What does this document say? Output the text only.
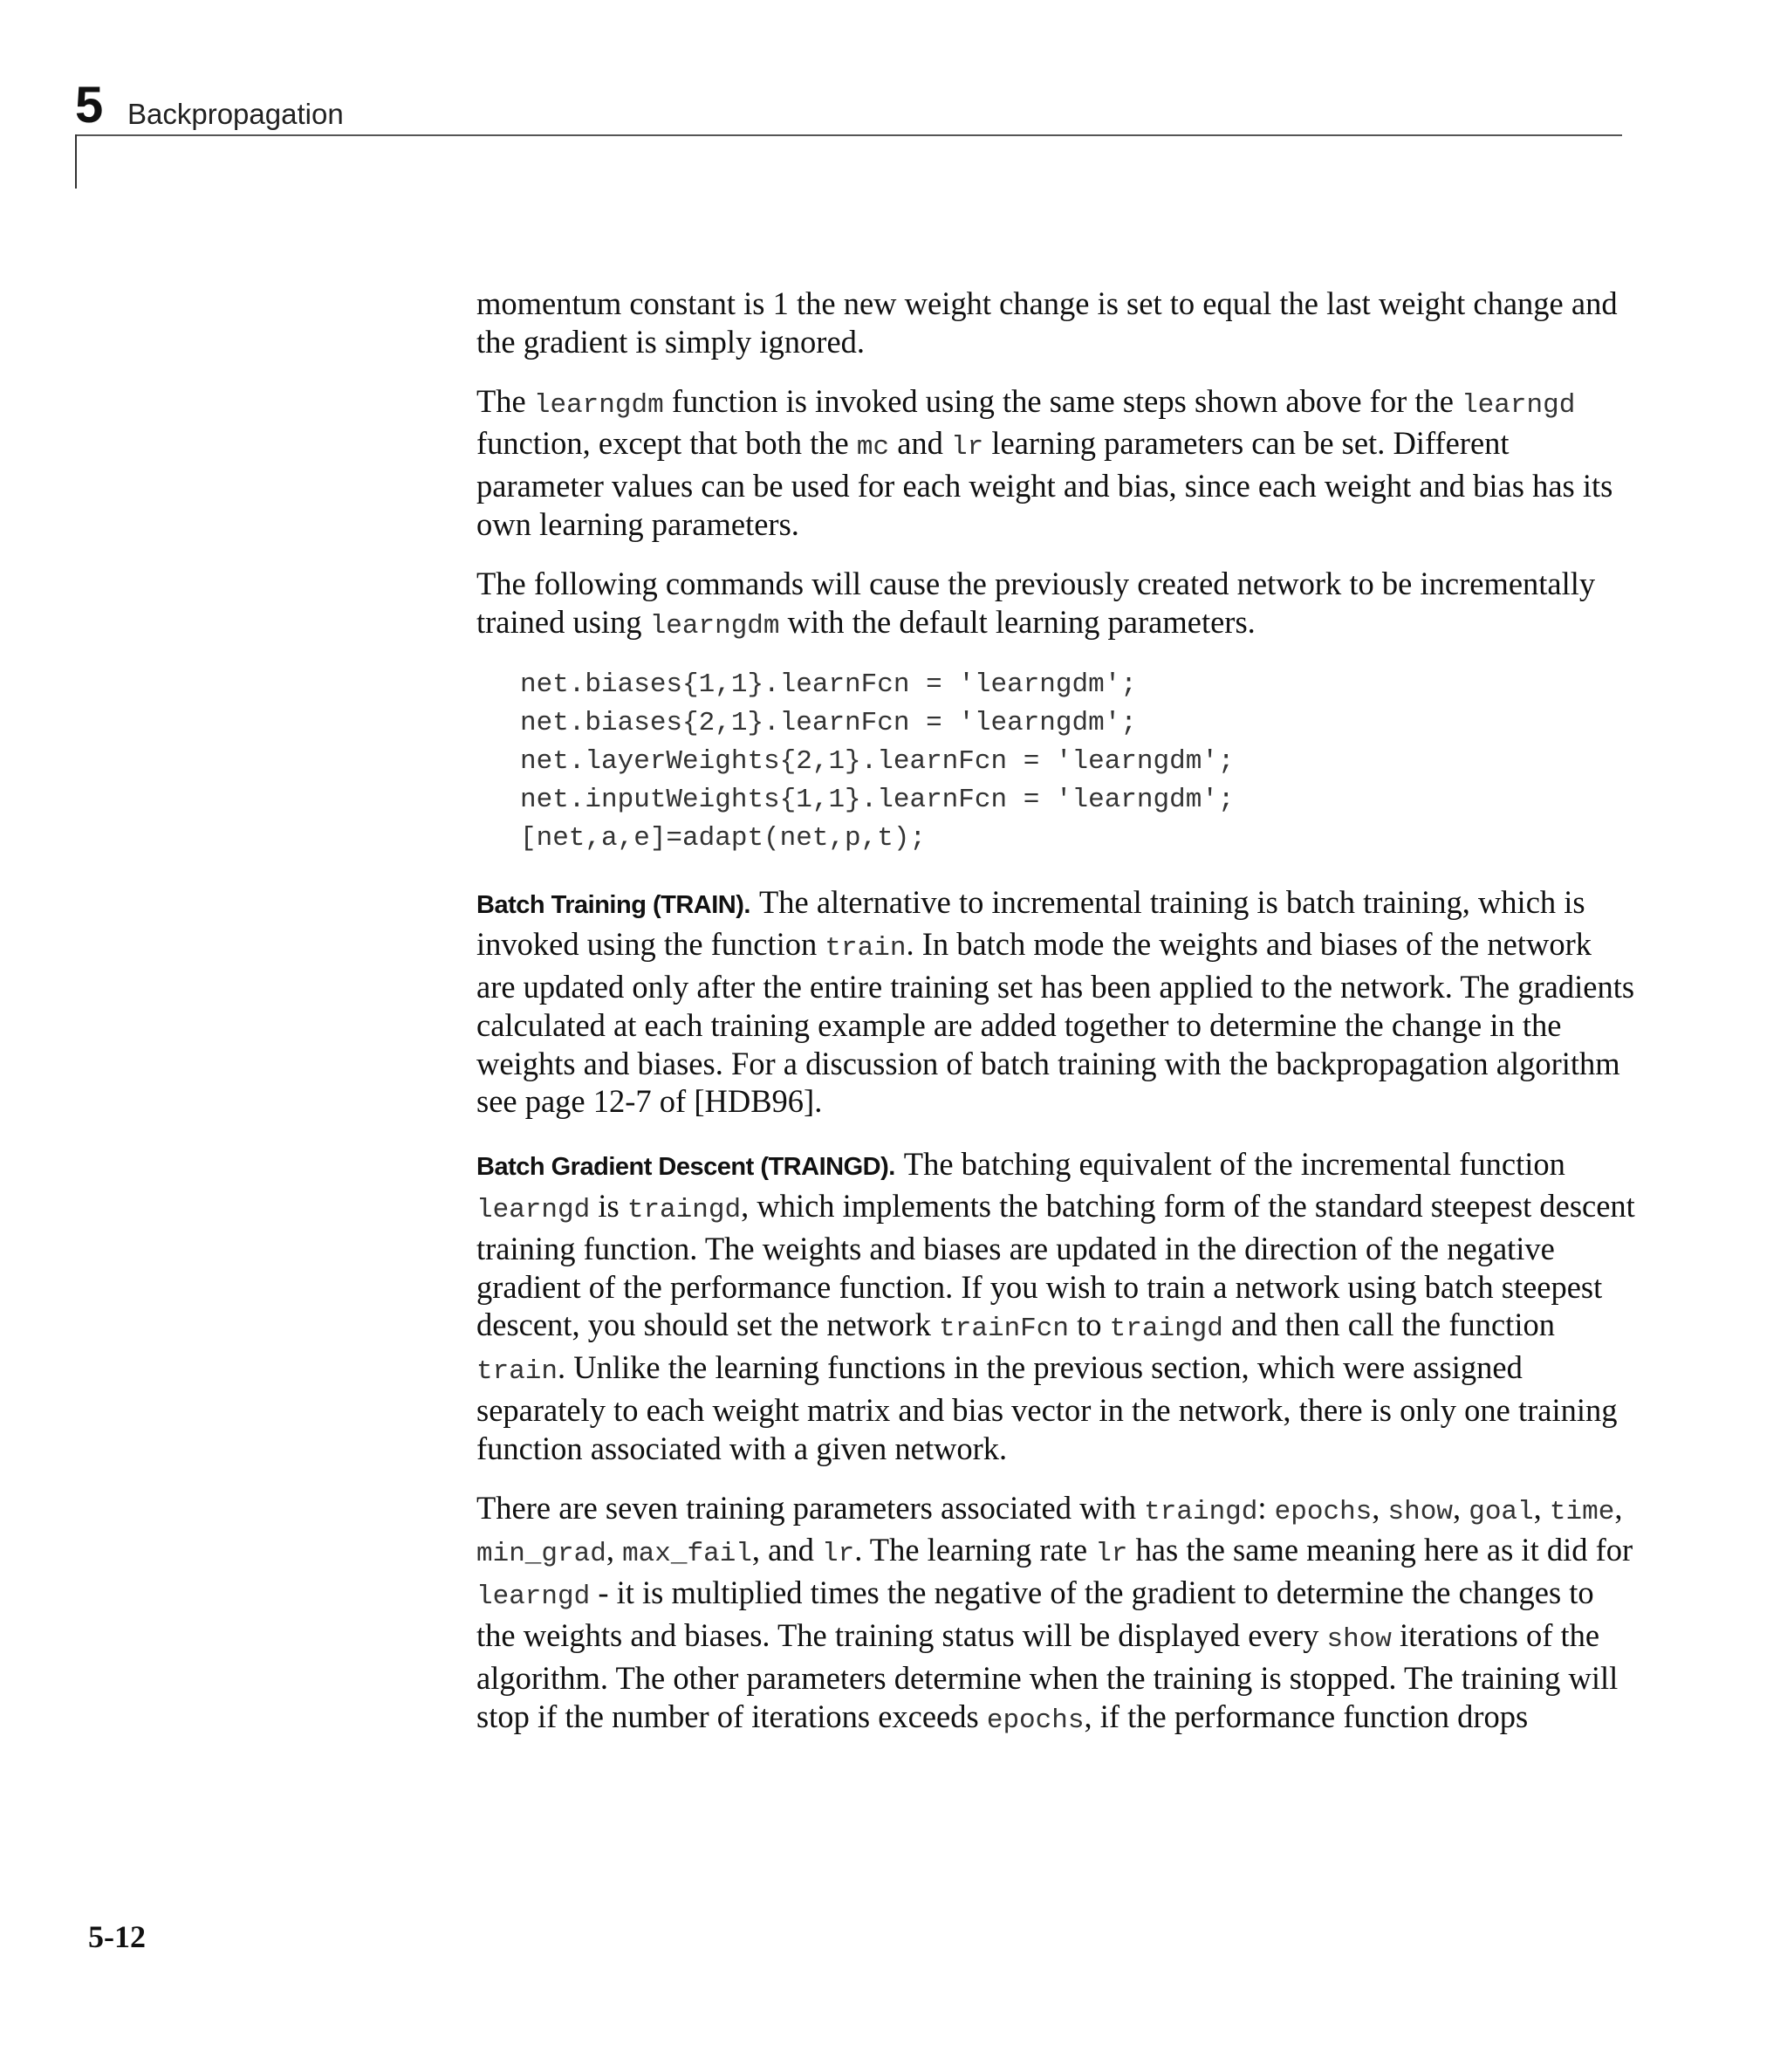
5 Backpropagation

momentum constant is 1 the new weight change is set to equal the last weight change and the gradient is simply ignored.

The learngdm function is invoked using the same steps shown above for the learngd function, except that both the mc and lr learning parameters can be set. Different parameter values can be used for each weight and bias, since each weight and bias has its own learning parameters.

The following commands will cause the previously created network to be incrementally trained using learngdm with the default learning parameters.

net.biases{1,1}.learnFcn = 'learngdm';
net.biases{2,1}.learnFcn = 'learngdm';
net.layerWeights{2,1}.learnFcn = 'learngdm';
net.inputWeights{1,1}.learnFcn = 'learngdm';
[net,a,e]=adapt(net,p,t);

Batch Training (TRAIN). The alternative to incremental training is batch training, which is invoked using the function train. In batch mode the weights and biases of the network are updated only after the entire training set has been applied to the network. The gradients calculated at each training example are added together to determine the change in the weights and biases. For a discussion of batch training with the backpropagation algorithm see page 12-7 of [HDB96].

Batch Gradient Descent (TRAINGD). The batching equivalent of the incremental function learngd is traingd, which implements the batching form of the standard steepest descent training function. The weights and biases are updated in the direction of the negative gradient of the performance function. If you wish to train a network using batch steepest descent, you should set the network trainFcn to traingd and then call the function train. Unlike the learning functions in the previous section, which were assigned separately to each weight matrix and bias vector in the network, there is only one training function associated with a given network.

There are seven training parameters associated with traingd: epochs, show, goal, time, min_grad, max_fail, and lr. The learning rate lr has the same meaning here as it did for learngd - it is multiplied times the negative of the gradient to determine the changes to the weights and biases. The training status will be displayed every show iterations of the algorithm. The other parameters determine when the training is stopped. The training will stop if the number of iterations exceeds epochs, if the performance function drops

5-12
